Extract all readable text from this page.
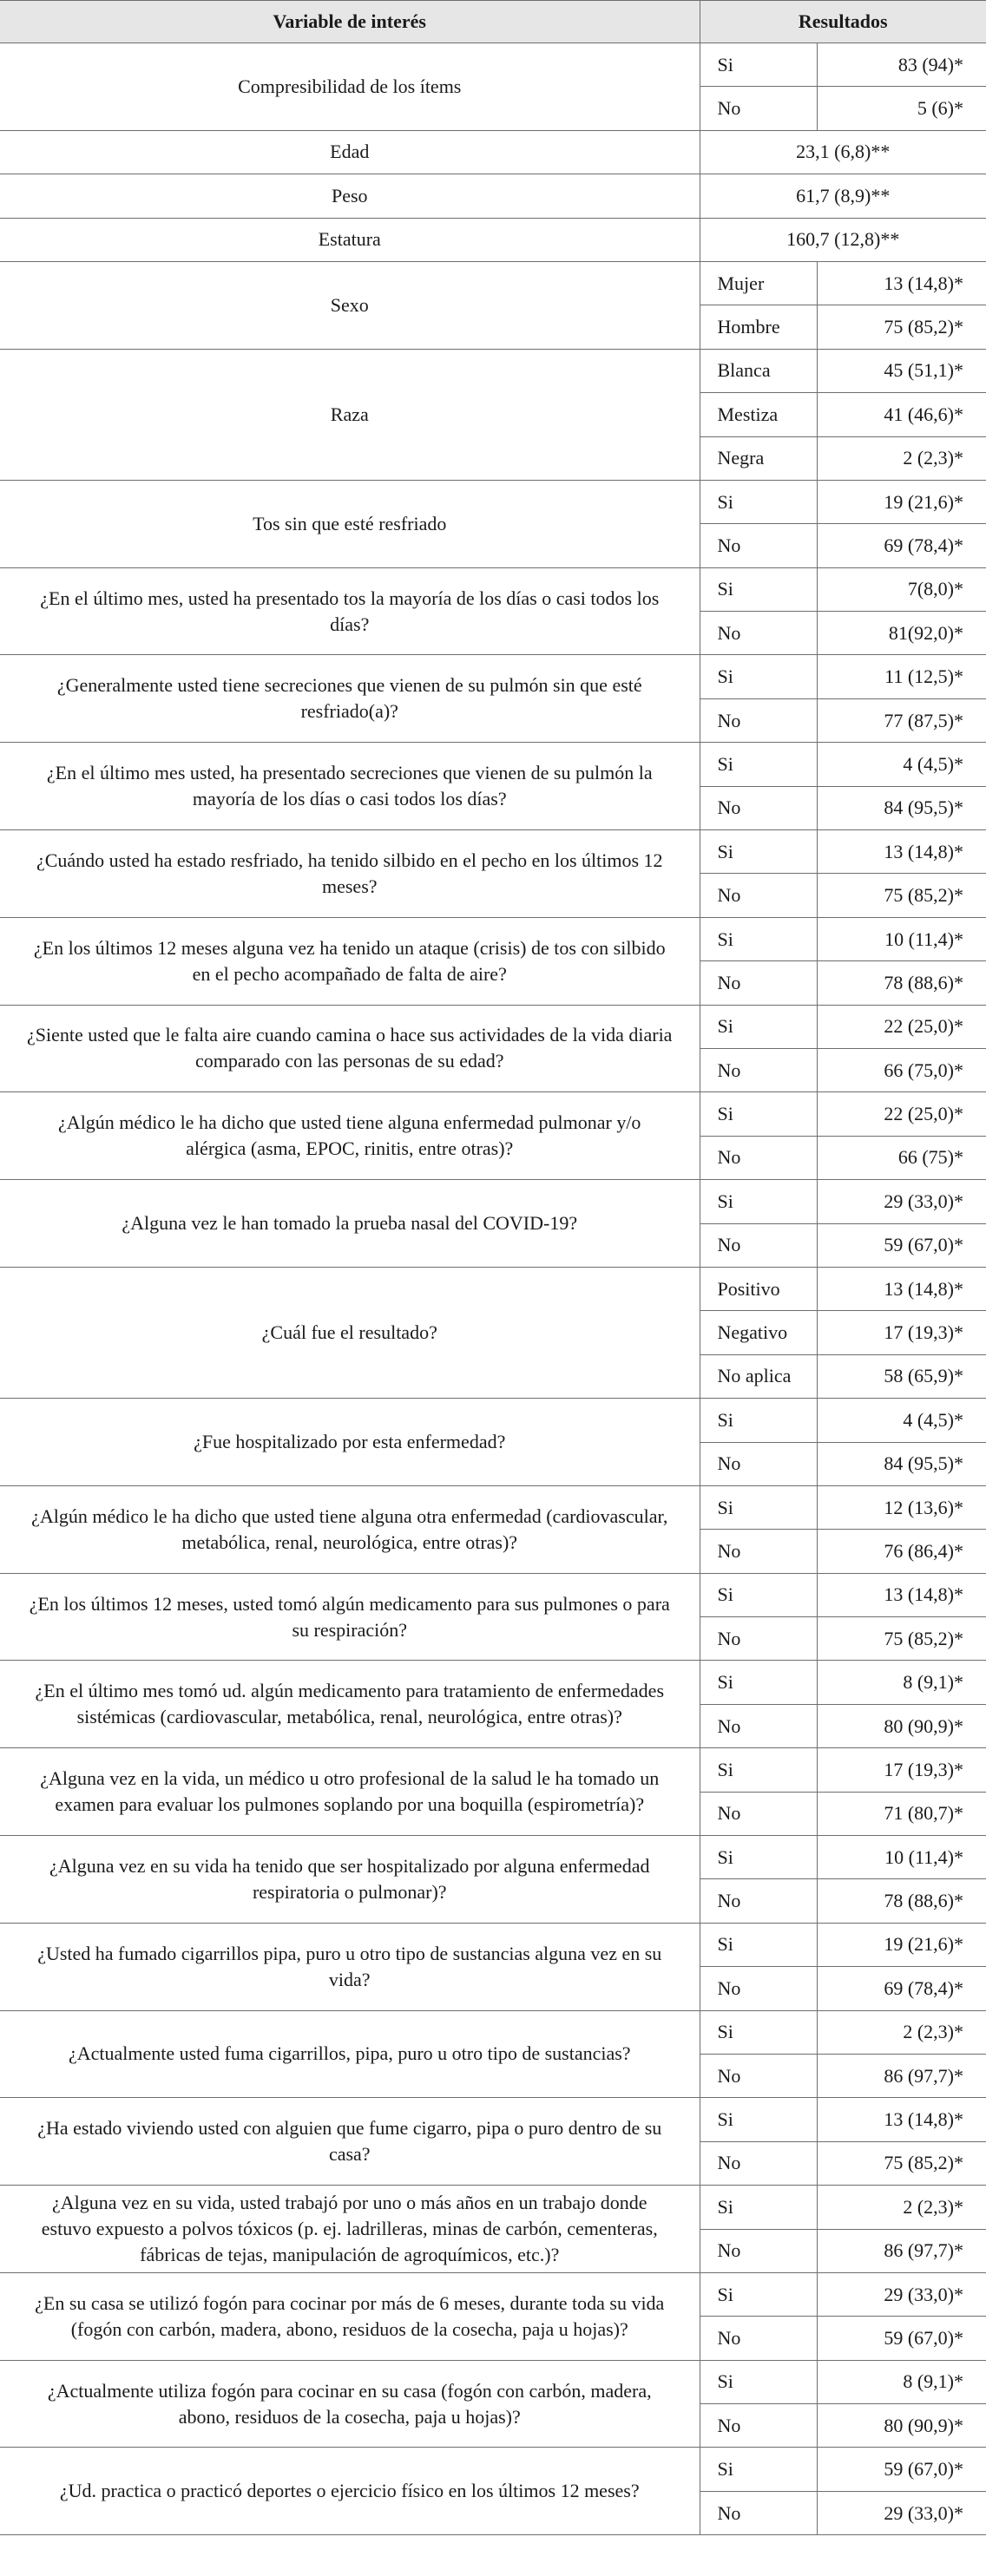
Variable de interés	Resultados	
Compresibilidad de los ítems	Si	83 (94)*
	No	5 (6)*
Edad	23,1 (6,8)**	
Peso	61,7 (8,9)**	
Estatura	160,7 (12,8)**	
Sexo	Mujer	13 (14,8)*
	Hombre	75 (85,2)*
Raza	Blanca	45 (51,1)*
	Mestiza	41 (46,6)*
	Negra	2 (2,3)*
Tos sin que esté resfriado	Si	19 (21,6)*
	No	69 (78,4)*
¿En el último mes, usted ha presentado tos la mayoría de los días o casi todos los días?	Si	7(8,0)*
	No	81(92,0)*
¿Generalmente usted tiene secreciones que vienen de su pulmón sin que esté resfriado(a)?	Si	11 (12,5)*
	No	77 (87,5)*
¿En el último mes usted, ha presentado secreciones que vienen de su pulmón la mayoría de los días o casi todos los días?	Si	4 (4,5)*
	No	84 (95,5)*
¿Cuándo usted ha estado resfriado, ha tenido silbido en el pecho en los últimos 12 meses?	Si	13 (14,8)*
	No	75 (85,2)*
¿En los últimos 12 meses alguna vez ha tenido un ataque (crisis) de tos con silbido en el pecho acompañado de falta de aire?	Si	10 (11,4)*
	No	78 (88,6)*
¿Siente usted que le falta aire cuando camina o hace sus actividades de la vida diaria comparado con las personas de su edad?	Si	22 (25,0)*
	No	66 (75,0)*
¿Algún médico le ha dicho que usted tiene alguna enfermedad pulmonar y/o alérgica (asma, EPOC, rinitis, entre otras)?	Si	22 (25,0)*
	No	66 (75)*
¿Alguna vez le han tomado la prueba nasal del COVID-19?	Si	29 (33,0)*
	No	59 (67,0)*
¿Cuál fue el resultado?	Positivo	13 (14,8)*
	Negativo	17 (19,3)*
	No aplica	58 (65,9)*
¿Fue hospitalizado por esta enfermedad?	Si	4 (4,5)*
	No	84 (95,5)*
¿Algún médico le ha dicho que usted tiene alguna otra enfermedad (cardiovascular, metabólica, renal, neurológica, entre otras)?	Si	12 (13,6)*
	No	76 (86,4)*
¿En los últimos 12 meses, usted tomó algún medicamento para sus pulmones o para su respiración?	Si	13 (14,8)*
	No	75 (85,2)*
¿En el último mes tomó ud. algún medicamento para tratamiento de enfermedades sistémicas (cardiovascular, metabólica, renal, neurológica, entre otras)?	Si	8 (9,1)*
	No	80 (90,9)*
¿Alguna vez en la vida, un médico u otro profesional de la salud le ha tomado un examen para evaluar los pulmones soplando por una boquilla (espirometría)?	Si	17 (19,3)*
	No	71 (80,7)*
¿Alguna vez en su vida ha tenido que ser hospitalizado por alguna enfermedad respiratoria o pulmonar)?	Si	10 (11,4)*
	No	78 (88,6)*
¿Usted ha fumado cigarrillos pipa, puro u otro tipo de sustancias alguna vez en su vida?	Si	19 (21,6)*
	No	69 (78,4)*
¿Actualmente usted fuma cigarrillos, pipa, puro u otro tipo de sustancias?	Si	2 (2,3)*
	No	86 (97,7)*
¿Ha estado viviendo usted con alguien que fume cigarro, pipa o puro dentro de su casa?	Si	13 (14,8)*
	No	75 (85,2)*
¿Alguna vez en su vida, usted trabajó por uno o más años en un trabajo donde estuvo expuesto a polvos tóxicos (p. ej. ladrilleras, minas de carbón, cementeras, fábricas de tejas, manipulación de agroquímicos, etc.)?	Si	2 (2,3)*
	No	86 (97,7)*
¿En su casa se utilizó fogón para cocinar por más de 6 meses, durante toda su vida (fogón con carbón, madera, abono, residuos de la cosecha, paja u hojas)?	Si	29 (33,0)*
	No	59 (67,0)*
¿Actualmente utiliza fogón para cocinar en su casa (fogón con carbón, madera, abono, residuos de la cosecha, paja u hojas)?	Si	8 (9,1)*
	No	80 (90,9)*
¿Ud. practica o practicó deportes o ejercicio físico en los últimos 12 meses?	Si	59 (67,0)*
	No	29 (33,0)*
